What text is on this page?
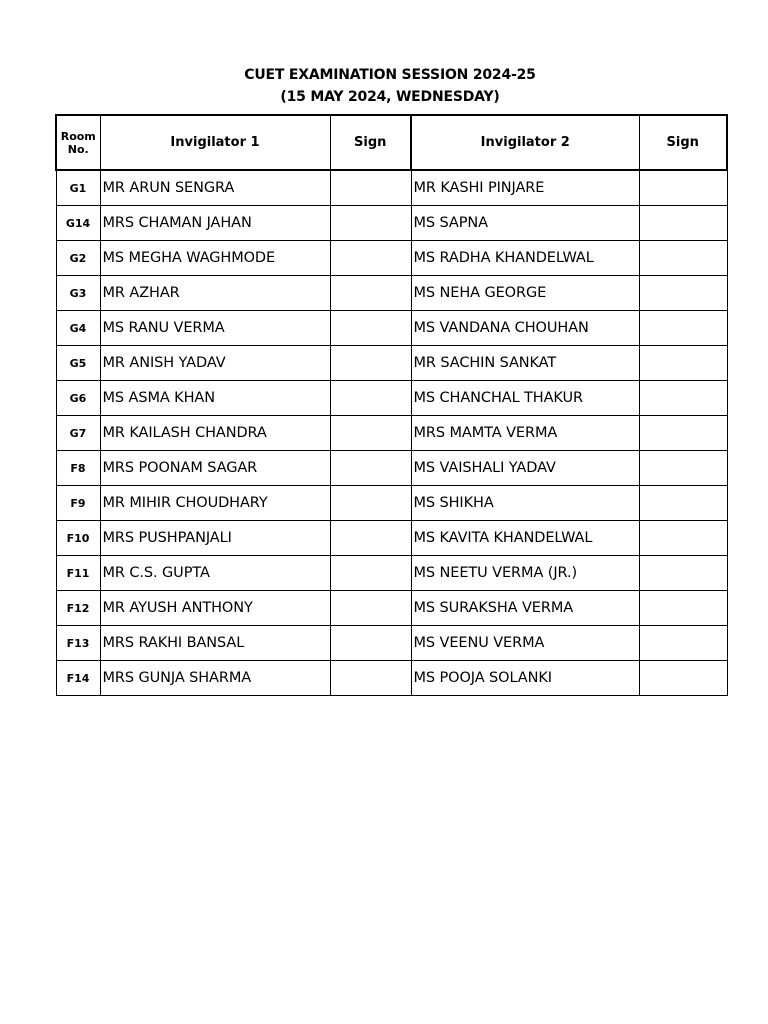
CUET EXAMINATION SESSION 2024-25
(15 MAY 2024, WEDNESDAY)
Room
No.	Invigilator 1	Sign	Invigilator 2	Sign
G1	MR ARUN SENGRA		MR KASHI PINJARE	
G14	MRS CHAMAN JAHAN		MS SAPNA	
G2	MS MEGHA WAGHMODE		MS RADHA KHANDELWAL	
G3	MR AZHAR		MS NEHA GEORGE	
G4	MS RANU VERMA		MS VANDANA CHOUHAN	
G5	MR ANISH YADAV		MR SACHIN SANKAT	
G6	MS ASMA KHAN		MS CHANCHAL THAKUR	
G7	MR KAILASH CHANDRA		MRS MAMTA VERMA	
F8	MRS POONAM SAGAR		MS VAISHALI YADAV	
F9	MR MIHIR CHOUDHARY		MS SHIKHA	
F10	MRS PUSHPANJALI		MS KAVITA KHANDELWAL	
F11	MR C.S. GUPTA		MS NEETU VERMA (JR.)	
F12	MR AYUSH ANTHONY		MS SURAKSHA VERMA	
F13	MRS RAKHI BANSAL		MS VEENU VERMA	
F14	MRS GUNJA SHARMA		MS POOJA SOLANKI	
